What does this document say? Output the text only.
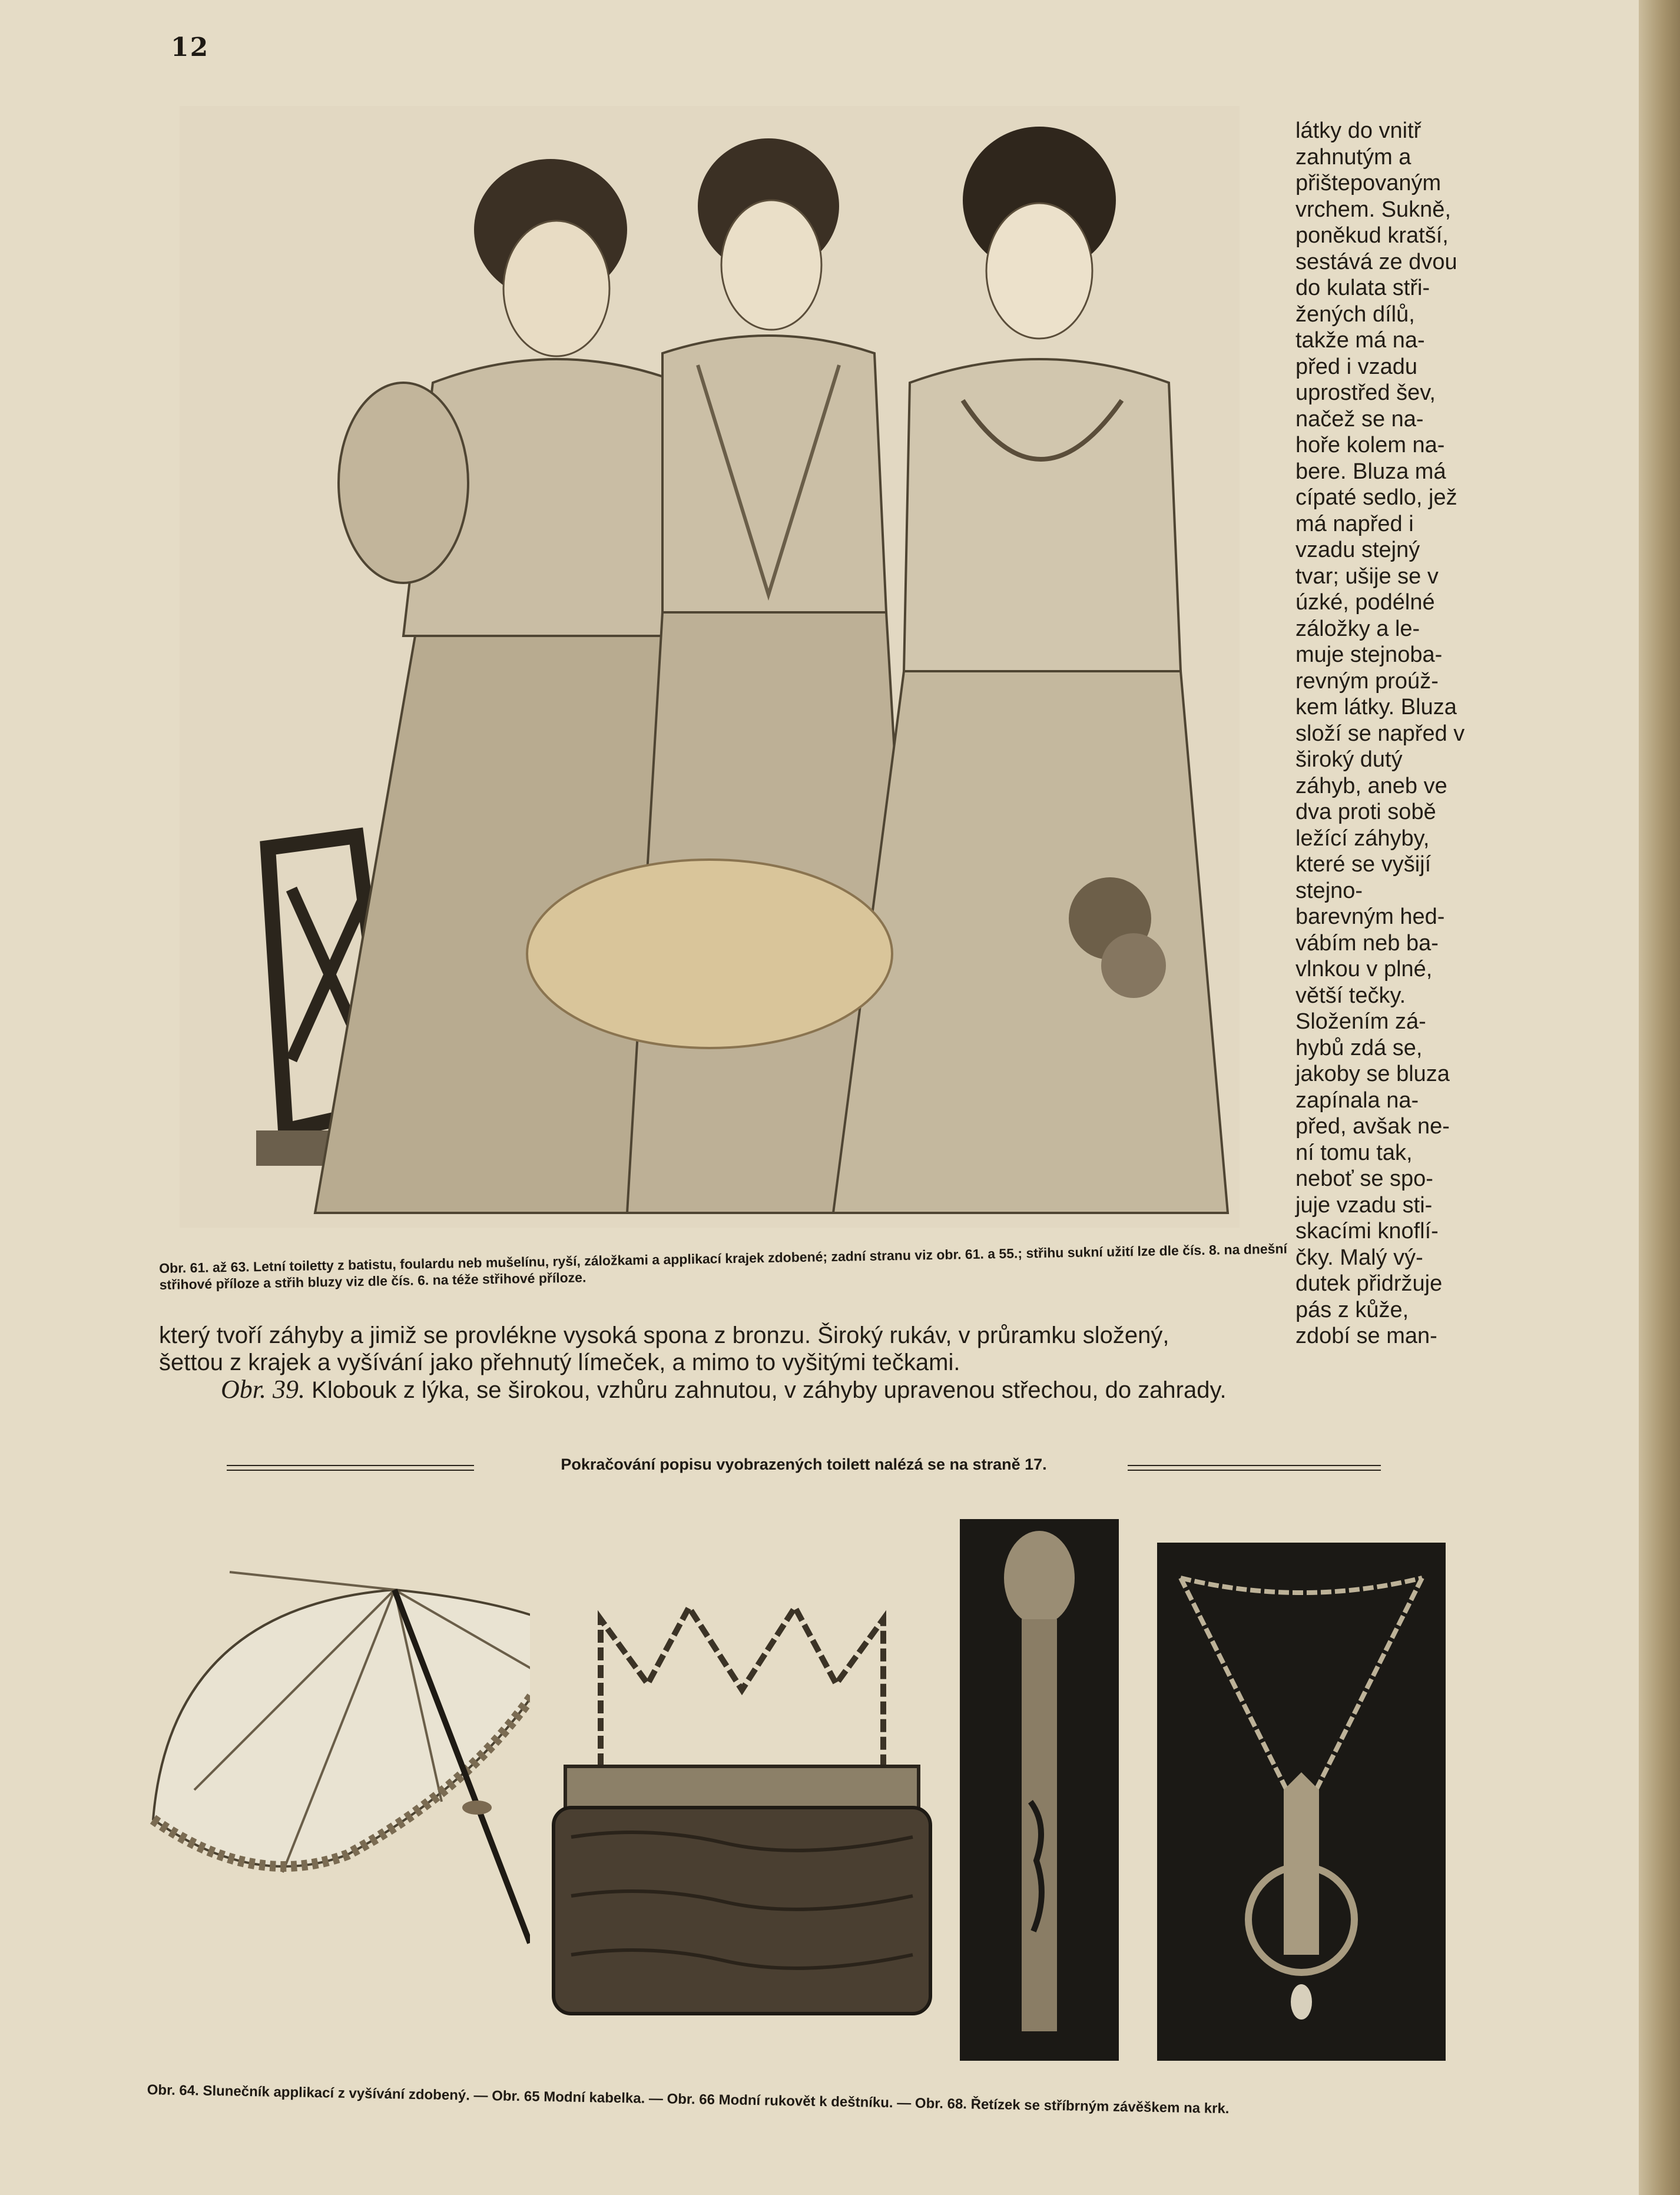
12

látky do vnitř zahnutým a přištepovaným vrchem. Sukně, poněkud kratší, sestává ze dvou do kulata stři- žených dílů, takže má na- před i vzadu uprostřed šev, načež se na- hoře kolem na- bere. Bluza má cípaté sedlo, jež má napřed i vzadu stejný tvar; ušije se v úzké, podélné záložky a le- muje stejnoba- revným proúž- kem látky. Bluza složí se napřed v široký dutý záhyb, aneb ve dva proti sobě ležící záhyby, které se vyšijí stejno- barevným hed- vábím neb ba- vlnkou v plné, větší tečky. Složením zá- hybů zdá se, jakoby se bluza zapínala na- před, avšak ne- ní tomu tak, neboť se spo- juje vzadu sti- skacími knoflí- čky. Malý vý- dutek přidržuje pás z kůže, zdobí se man-

Obr. 61. až 63. Letní toiletty z batistu, foulardu neb mušelínu, ryší, záložkami a applikací krajek zdobené; zadní stranu viz obr. 61. a 55.; střihu sukní užití lze dle čís. 8. na dnešní střihové příloze a střih bluzy viz dle čís. 6. na téže střihové příloze.

který tvoří záhyby a jimiž se provlékne vysoká spona z bronzu. Široký rukáv, v průramku složený,

šettou z krajek a vyšívání jako přehnutý límeček, a mimo to vyšitými tečkami.

Obr. 39. Klobouk z lýka, se širokou, vzhůru zahnutou, v záhyby upravenou střechou, do zahrady.

Pokračování popisu vyobrazených toilett nalézá se na straně 17.
Obr. 64. Slunečník applikací z vyšívání zdobený. — Obr. 65 Modní kabelka. — Obr. 66 Modní rukovět k deštníku. — Obr. 68. Řetízek se stříbrným závěškem na krk.
